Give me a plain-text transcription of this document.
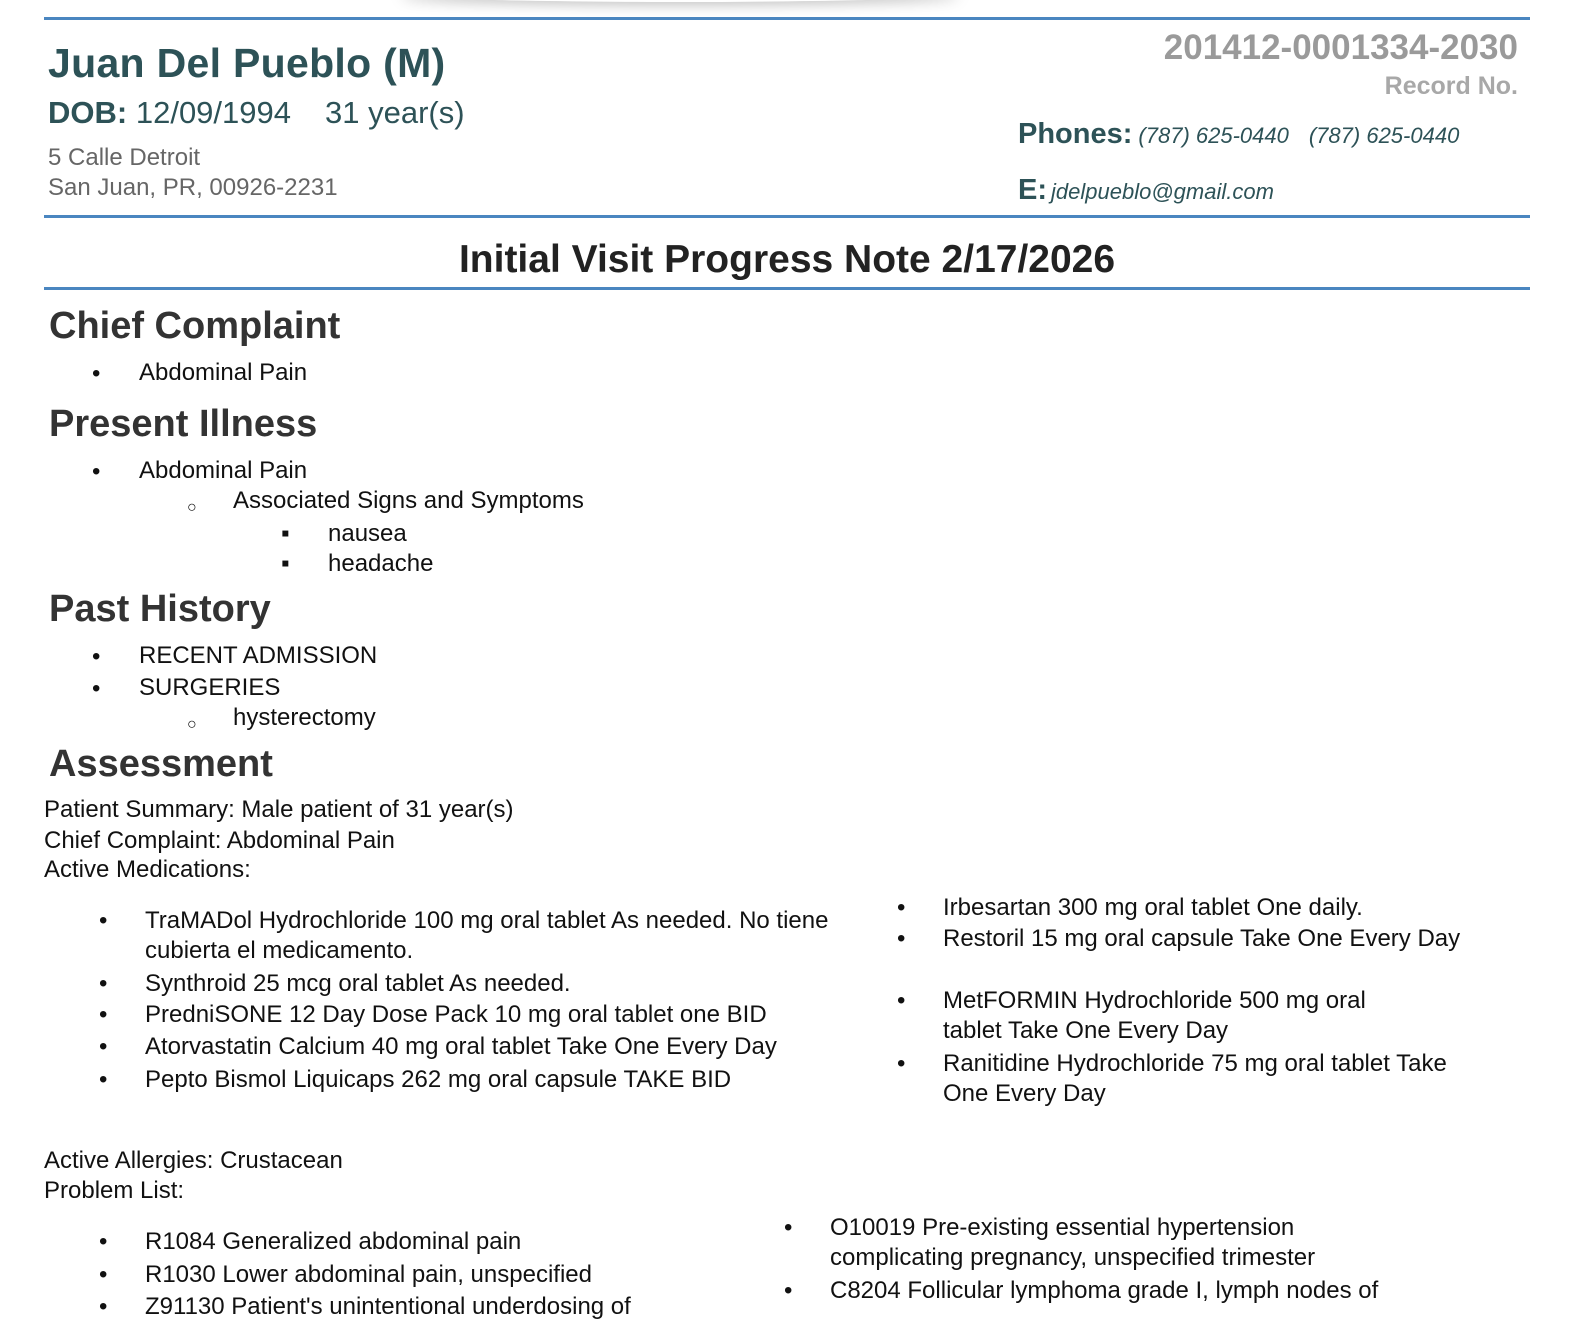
Juan Del Pueblo (M)
DOB: 12/09/1994 31 year(s)
5 Calle Detroit
San Juan, PR, 00926-2231
201412-0001334-2030
Record No.
Phones: (787) 625-0440 (787) 625-0440
E: jdelpueblo@gmail.com
Initial Visit Progress Note 2/17/2026
Chief Complaint
•
Abdominal Pain
Present Illness
•
Abdominal Pain
○
Associated Signs and Symptoms
▪
nausea
▪
headache
Past History
•
RECENT ADMISSION
•
SURGERIES
○
hysterectomy
Assessment
Patient Summary: Male patient of 31 year(s)
Chief Complaint: Abdominal Pain
Active Medications:
•
TraMADol Hydrochloride 100 mg oral tablet As needed. No tiene cubierta el medicamento.
•
Synthroid 25 mcg oral tablet As needed.
•
PredniSONE 12 Day Dose Pack 10 mg oral tablet one BID
•
Atorvastatin Calcium 40 mg oral tablet Take One Every Day
•
Pepto Bismol Liquicaps 262 mg oral capsule TAKE BID
•
Irbesartan 300 mg oral tablet One daily.
•
Restoril 15 mg oral capsule Take One Every Day
•
MetFORMIN Hydrochloride 500 mg oral tablet Take One Every Day
•
Ranitidine Hydrochloride 75 mg oral tablet Take One Every Day
Active Allergies: Crustacean
Problem List:
•
R1084 Generalized abdominal pain
•
R1030 Lower abdominal pain, unspecified
•
Z91130 Patient's unintentional underdosing of
•
O10019 Pre-existing essential hypertension complicating pregnancy, unspecified trimester
•
C8204 Follicular lymphoma grade I, lymph nodes of
